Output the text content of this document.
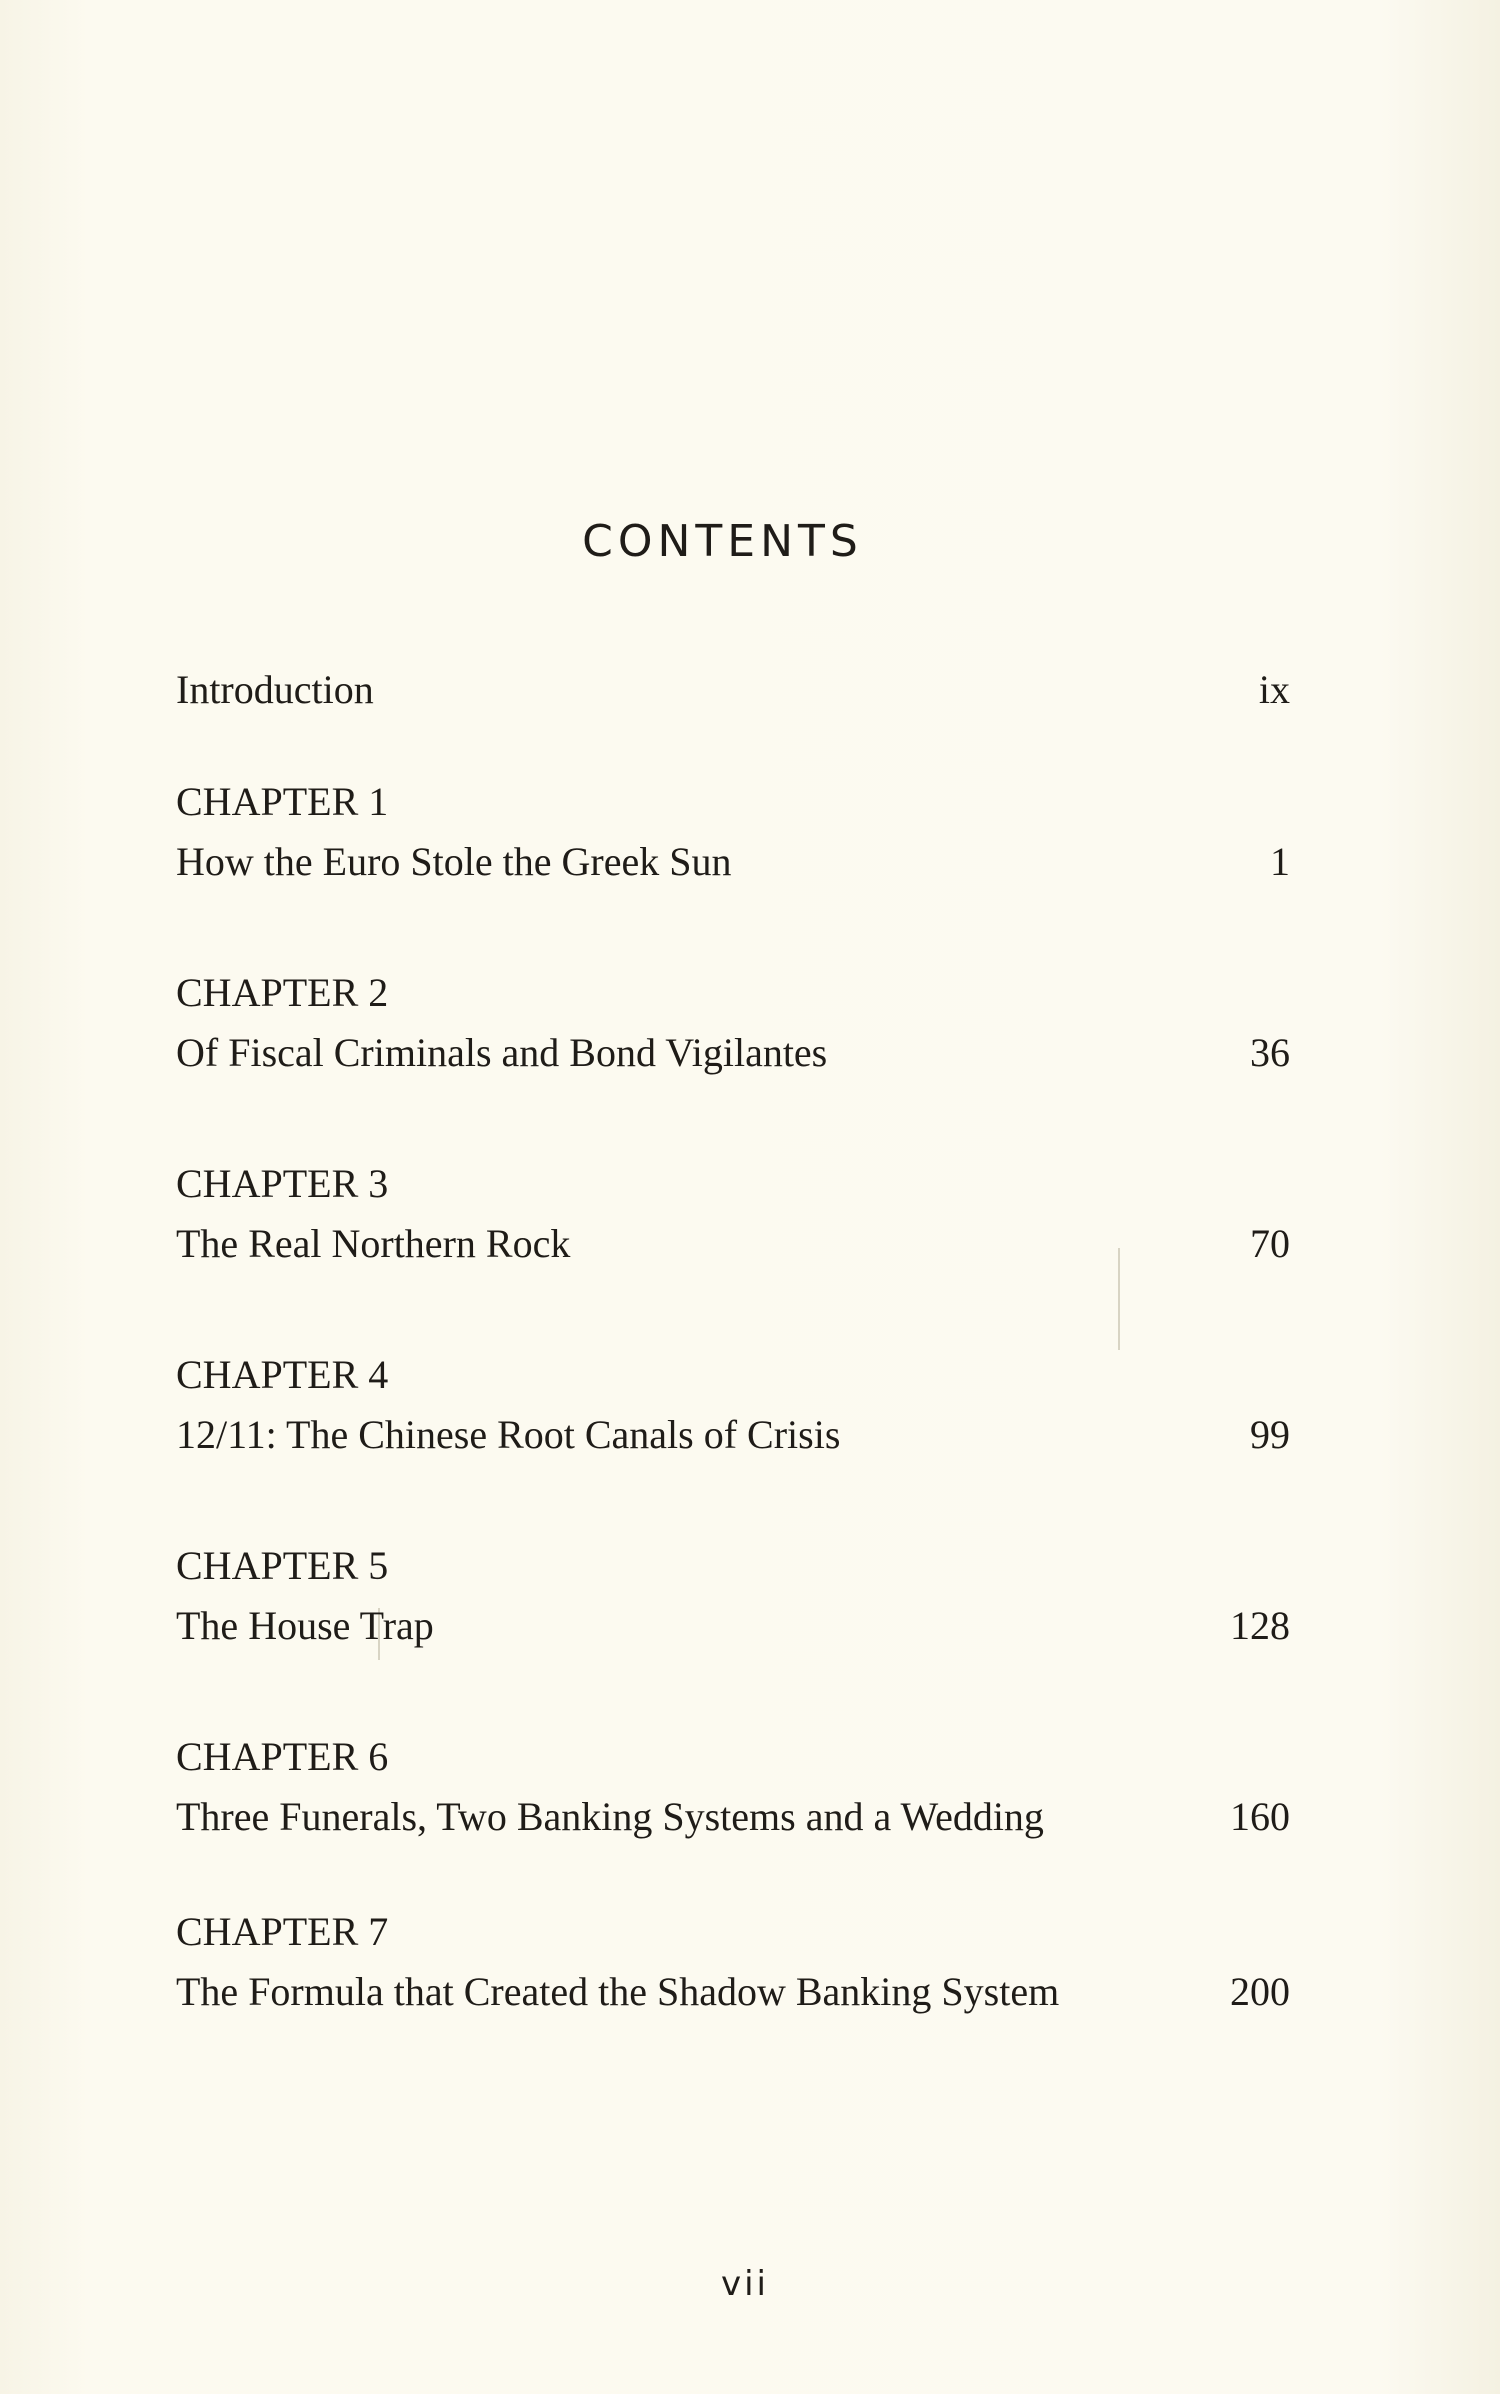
CONTENTS
Introduction	ix
CHAPTER 1
How the Euro Stole the Greek Sun	1
CHAPTER 2
Of Fiscal Criminals and Bond Vigilantes	36
CHAPTER 3
The Real Northern Rock	70
CHAPTER 4
12/11: The Chinese Root Canals of Crisis	99
CHAPTER 5
The House Trap	128
CHAPTER 6
Three Funerals, Two Banking Systems and a Wedding	160
CHAPTER 7
The Formula that Created the Shadow Banking System	200
vii
